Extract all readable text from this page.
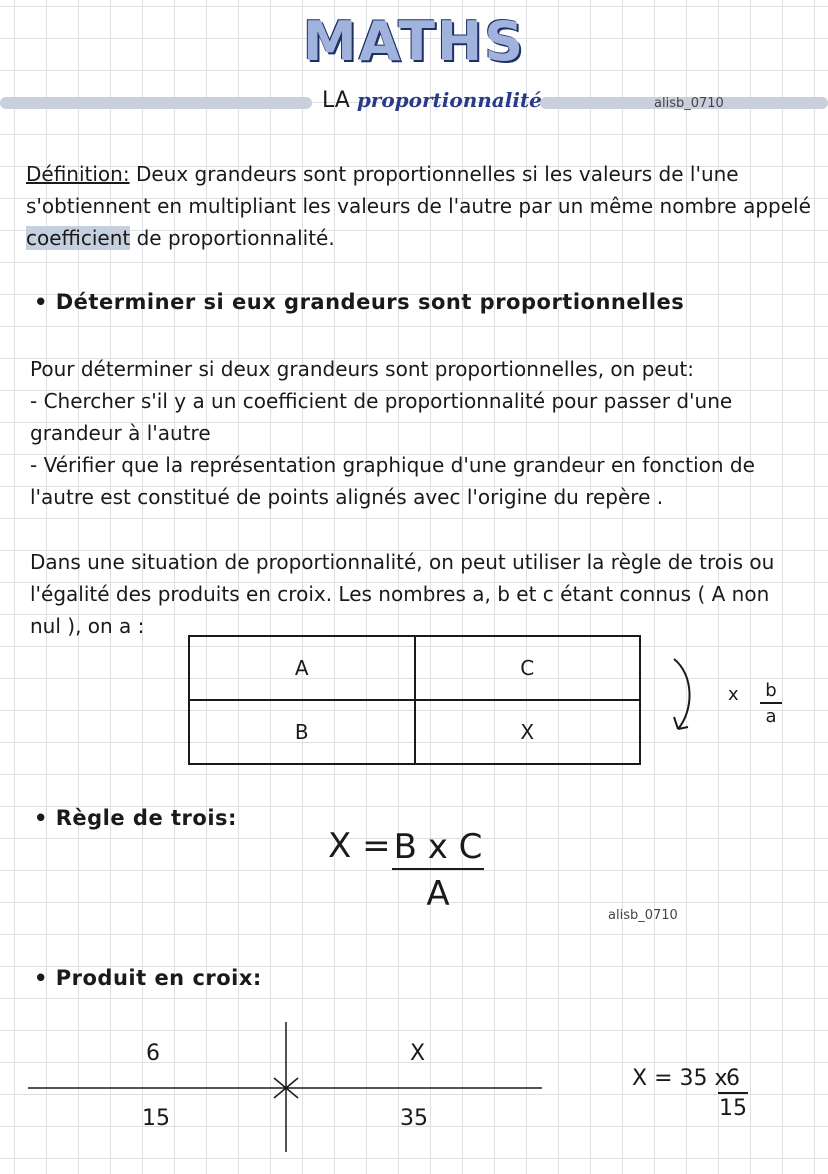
MATHS
LA proportionnalité	alisb_0710
Définition: Deux grandeurs sont proportionnelles si les valeurs de l'une
s'obtiennent en multipliant les valeurs de l'autre par un même nombre appelé
coefficient de proportionnalité.
• Déterminer si eux grandeurs sont proportionnelles
Pour déterminer si deux grandeurs sont proportionnelles, on peut:
- Chercher s'il y a un coefficient de proportionnalité pour passer d'une
grandeur à l'autre
- Vérifier que la représentation graphique d'une grandeur en fonction de
l'autre est constitué de points alignés avec l'origine du repère .
Dans une situation de proportionnalité, on peut utiliser la règle de trois ou
l'égalité des produits en croix. Les nombres a, b et c étant connus ( A non
nul ), on a :
A	C
B	X
x b
a
• Règle de trois:
X = B x C
A
alisb_0710
• Produit en croix:
6	X
15	35
X = 35 x
6
15
